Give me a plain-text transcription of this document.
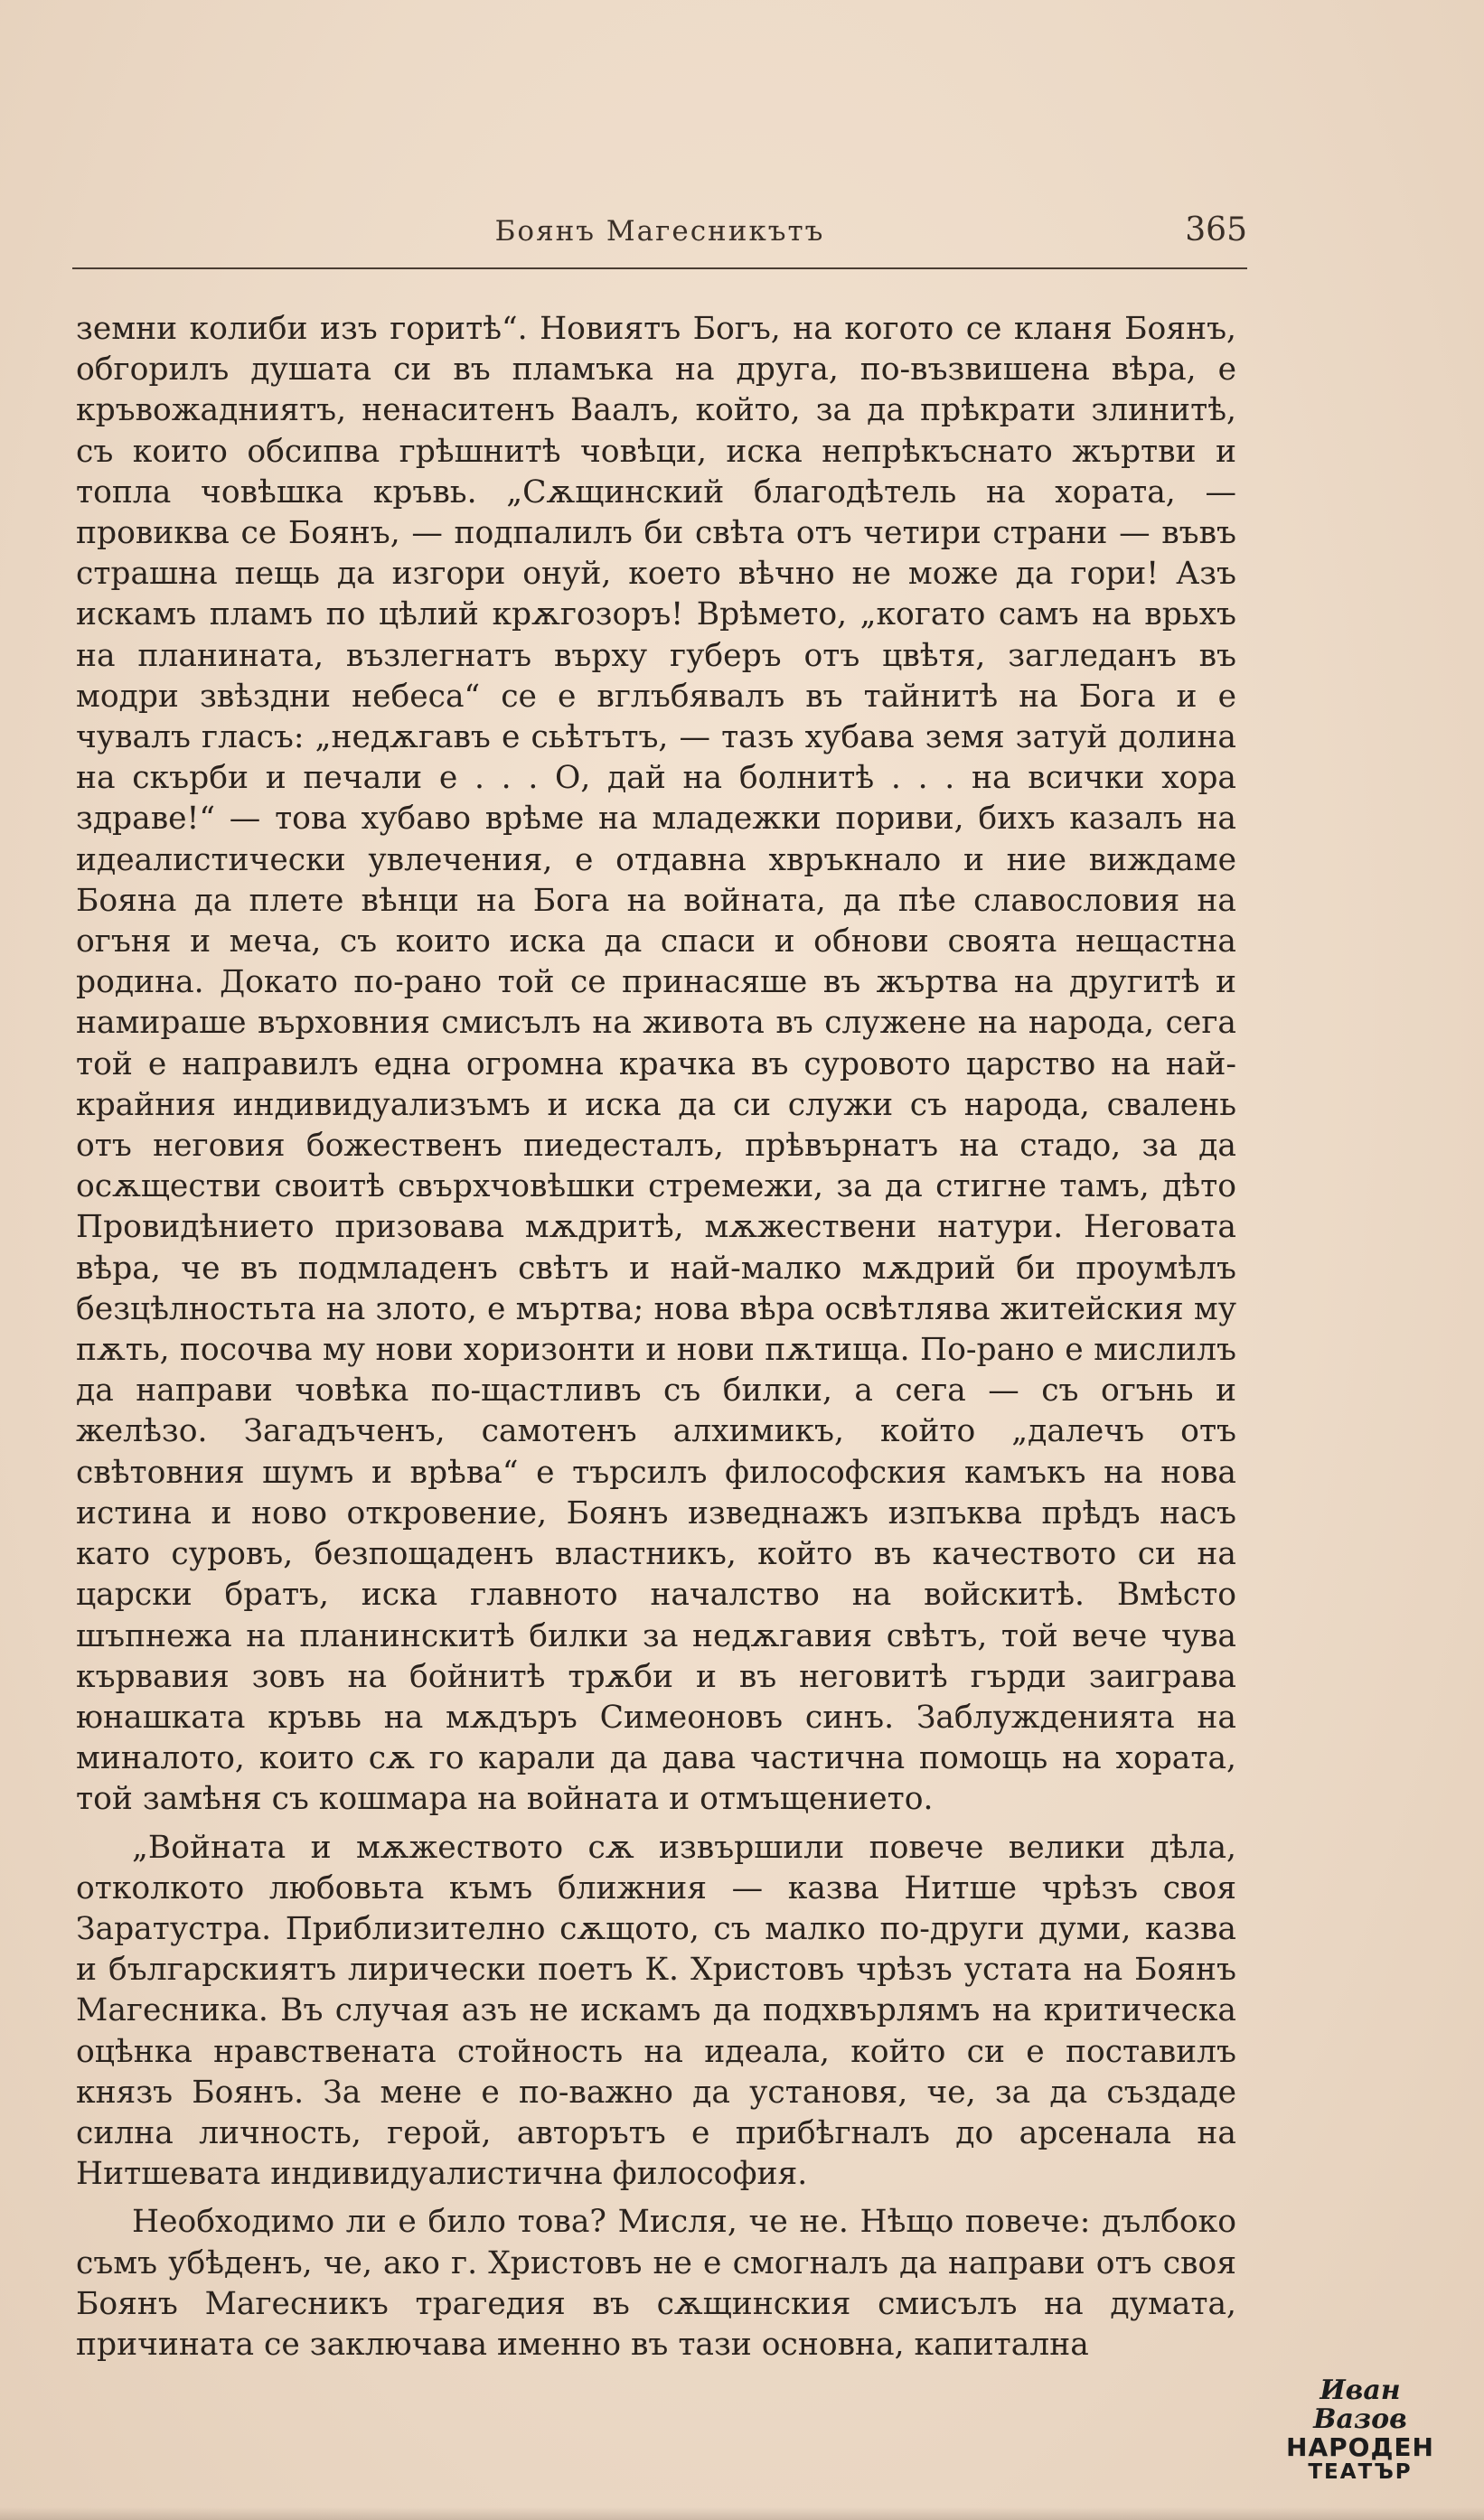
Боянъ Магесникътъ	365

земни колиби изъ горитѣ“. Новиятъ Богъ, на когото се кланя Боянъ, обгорилъ душата си въ пламъка на друга, по-възвишена вѣра, е кръвожадниятъ, ненаситенъ Ваалъ, който, за да прѣкрати злинитѣ, съ които обсипва грѣшнитѣ човѣци, иска непрѣкъснато жъртви и топла човѣшка кръвь. „Сѫщинский благодѣтель на хората, — провиква се Боянъ, — подпалилъ би свѣта отъ четири страни — въвъ страшна пещь да изгори онуй, което вѣчно не може да гори! Азъ искамъ пламъ по цѣлий крѫгозоръ! Врѣмето, „когато самъ на врьхъ на планината, възлегнатъ върху губеръ отъ цвѣтя, загледанъ въ модри звѣздни небеса“ се е вглъбявалъ въ тайнитѣ на Бога и е чувалъ гласъ: „недѫгавъ е сьѣтътъ, — тазъ хубава земя затуй долина на скърби и печали е . . . О, дай на болнитѣ . . . на всички хора здраве!“ — това хубаво врѣме на младежки пориви, бихъ казалъ на идеалистически увлечения, е отдавна хвръкнало и ние виждаме Бояна да плете вѣнци на Бога на войната, да пѣе славословия на огъня и меча, съ които иска да спаси и обнови своята нещастна родина. Докато по-рано той се принасяше въ жъртва на другитѣ и намираше върховния смисълъ на живота въ служене на народа, сега той е направилъ една огромна крачка въ суровото царство на най-крайния индивидуализъмъ и иска да си служи съ народа, свалень отъ неговия божественъ пиедесталъ, прѣвърнатъ на стадо, за да осѫществи своитѣ свърхчовѣшки стремежи, за да стигне тамъ, дѣто Провидѣнието призовава мѫдритѣ, мѫжествени натури. Неговата вѣра, че въ подмладенъ свѣтъ и най-малко мѫдрий би проумѣлъ безцѣлностьта на злото, е мъртва; нова вѣра освѣтлява житейския му пѫть, посочва му нови хоризонти и нови пѫтища. По-рано е мислилъ да направи човѣка по-щастливъ съ билки, а сега — съ огънь и желѣзо. Загадъченъ, самотенъ алхимикъ, който „далечъ отъ свѣтовния шумъ и врѣва“ е търсилъ философския камъкъ на нова истина и ново откровение, Боянъ изведнажъ изпъква прѣдъ насъ като суровъ, безпощаденъ властникъ, който въ качеството си на царски братъ, иска главното началство на войскитѣ. Вмѣсто шъпнежа на планинскитѣ билки за недѫгавия свѣтъ, той вече чува кървавия зовъ на бойнитѣ трѫби и въ неговитѣ гърди заиграва юнашката кръвь на мѫдъръ Симеоновъ синъ. Заблужденията на миналото, които сѫ го карали да дава частична помощь на хората, той замѣня съ кошмара на войната и отмъщението.

„Войната и мѫжеството сѫ извършили повече велики дѣла, отколкото любовьта къмъ ближния — казва Нитше чрѣзъ своя Заратустра. Приблизително сѫщото, съ малко по-други думи, казва и българскиятъ лирически поетъ К. Христовъ чрѣзъ устата на Боянъ Магесника. Въ случая азъ не искамъ да подхвърлямъ на критическа оцѣнка нравствената стойность на идеала, който си е поставилъ князъ Боянъ. За мене е по-важно да установя, че, за да създаде силна личность, герой, авторътъ е прибѣгналъ до арсенала на Нитшевата индивидуалистична философия.

Необходимо ли е било това? Мисля, че не. Нѣщо повече: дълбоко съмъ убѣденъ, че, ако г. Христовъ не е смогналъ да направи отъ своя Боянъ Магесникъ трагедия въ сѫщинския смисълъ на думата, причината се заключава именно въ тази основна, капитална

Иван Вазов
НАРОДЕН
ТЕАТЪР
